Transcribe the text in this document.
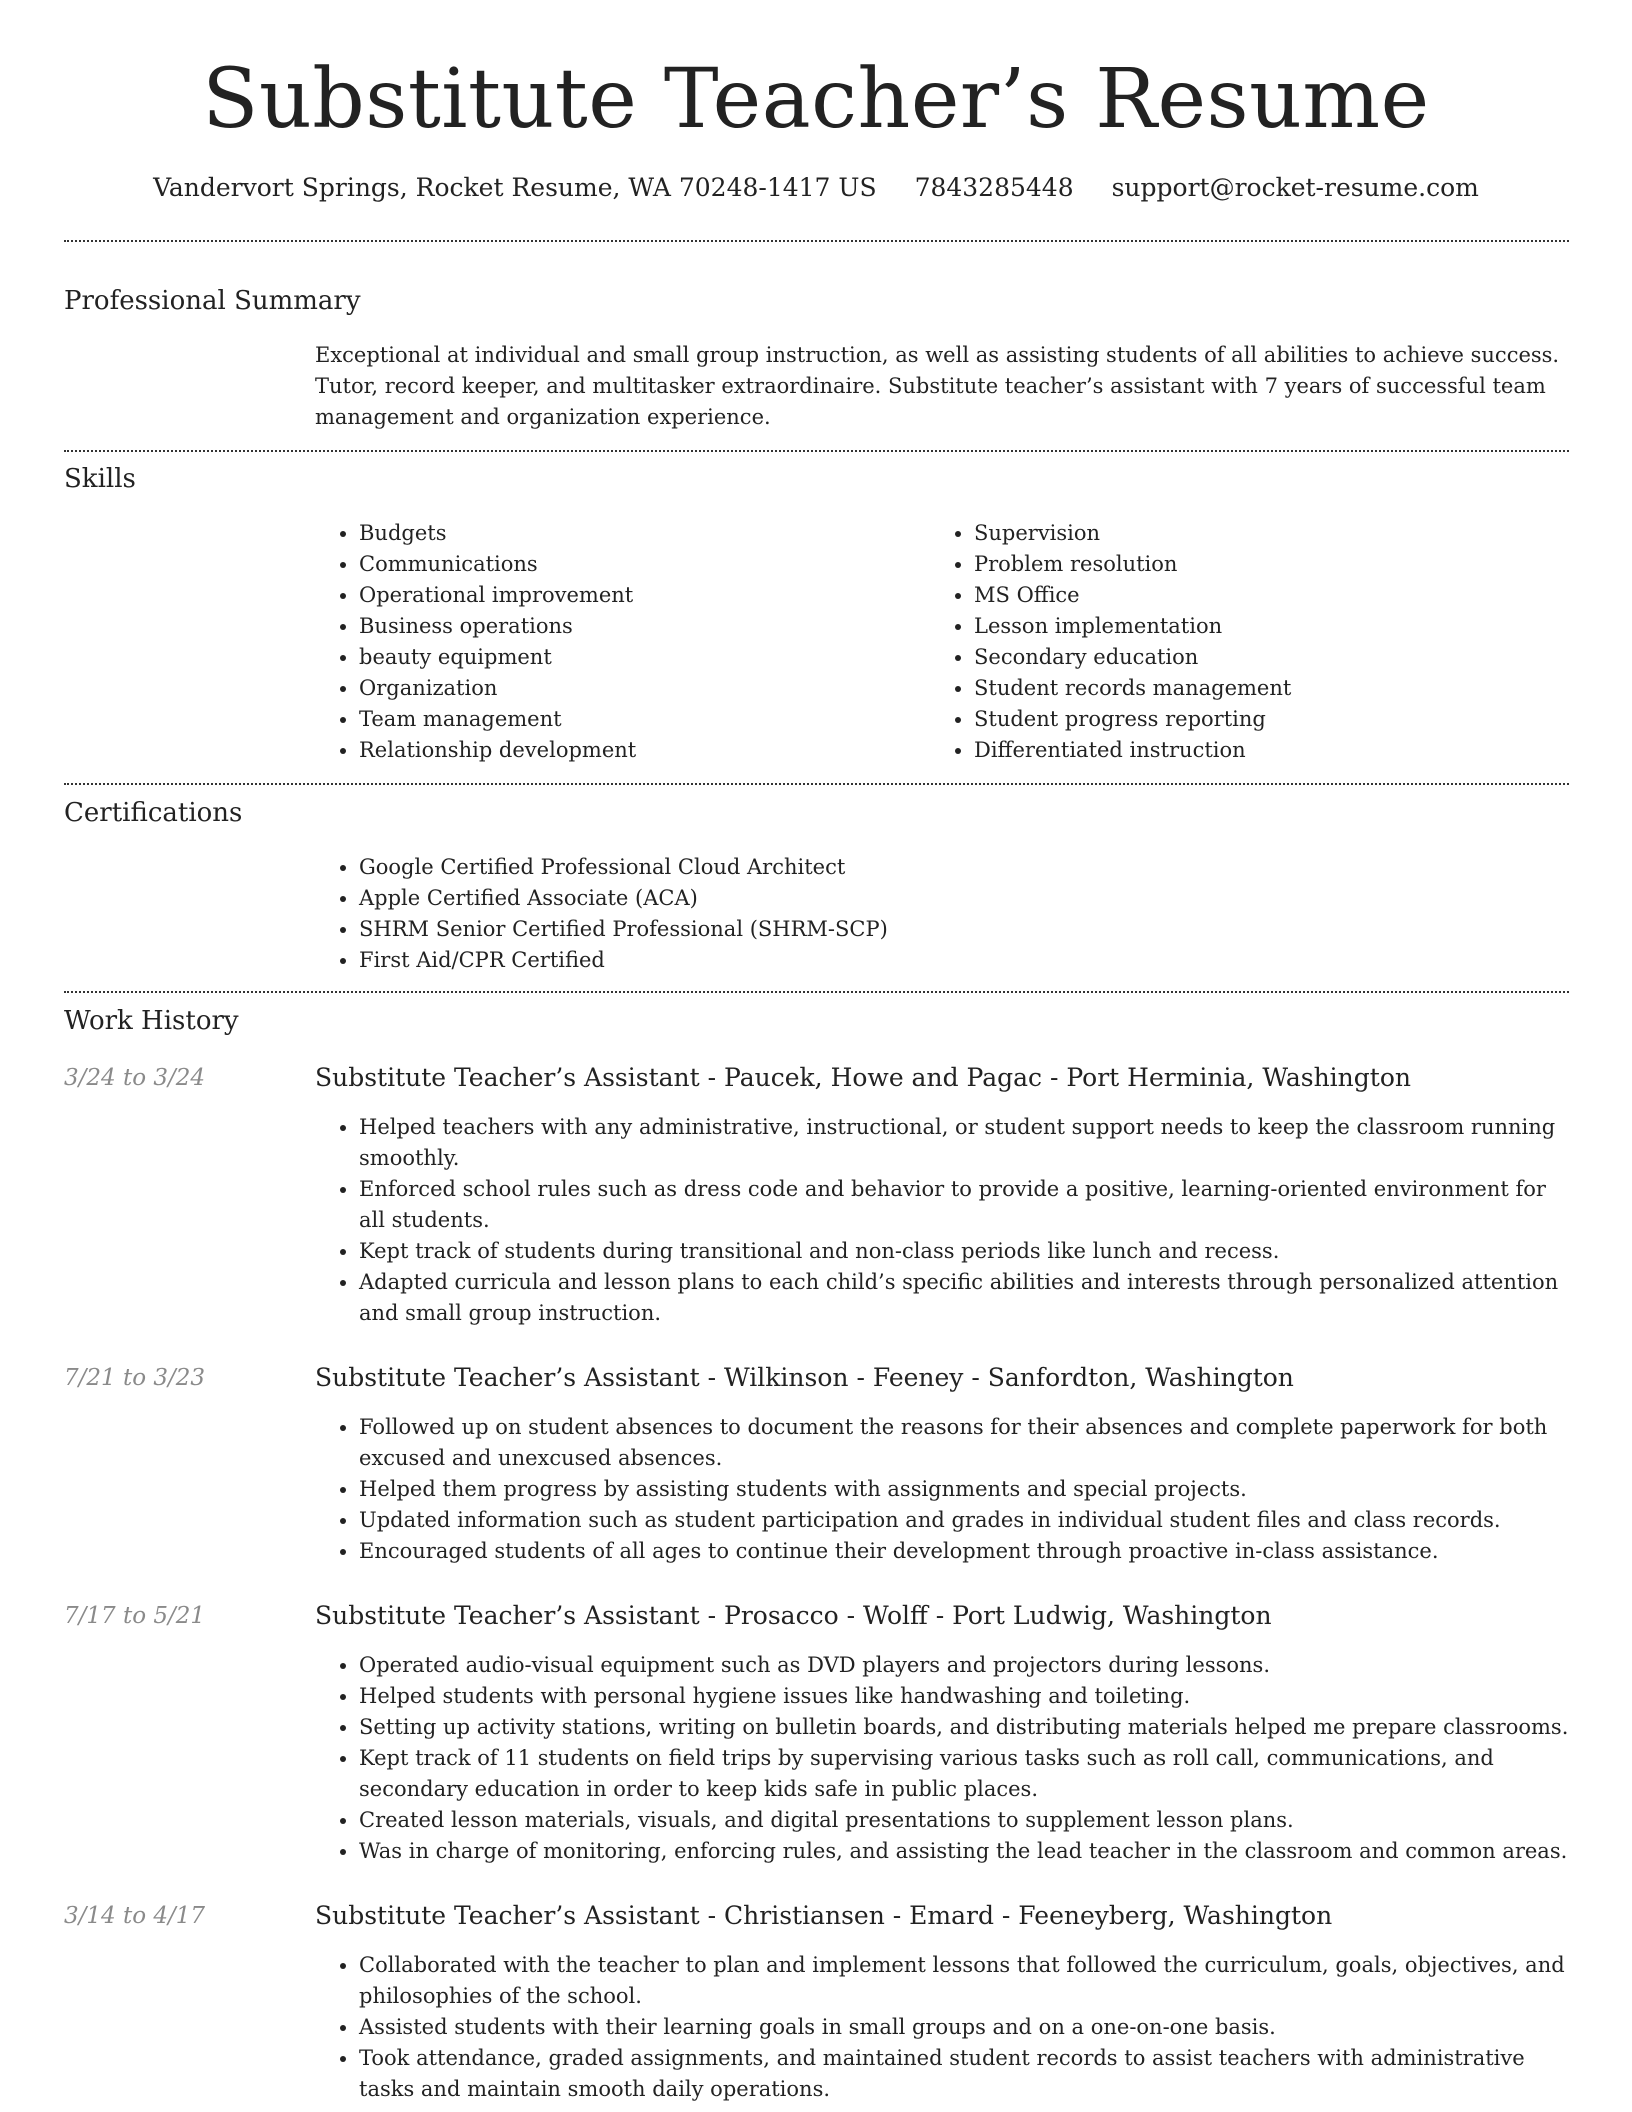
Substitute Teacher’s Resume
Vandervort Springs, Rocket Resume, WA 70248-1417 US 7843285448 support@rocket-resume.com
Professional Summary
Exceptional at individual and small group instruction, as well as assisting students of all abilities to achieve success. Tutor, record keeper, and multitasker extraordinaire. Substitute teacher’s assistant with 7 years of successful team management and organization experience.
Skills
• Budgets
• Communications
• Operational improvement
• Business operations
• beauty equipment
• Organization
• Team management
• Relationship development
• Supervision
• Problem resolution
• MS Office
• Lesson implementation
• Secondary education
• Student records management
• Student progress reporting
• Differentiated instruction
Certifications
• Google Certified Professional Cloud Architect
• Apple Certified Associate (ACA)
• SHRM Senior Certified Professional (SHRM-SCP)
• First Aid/CPR Certified
Work History
3/24 to 3/24	Substitute Teacher’s Assistant - Paucek, Howe and Pagac - Port Herminia, Washington
• Helped teachers with any administrative, instructional, or student support needs to keep the classroom running smoothly.
• Enforced school rules such as dress code and behavior to provide a positive, learning-oriented environment for all students.
• Kept track of students during transitional and non-class periods like lunch and recess.
• Adapted curricula and lesson plans to each child’s specific abilities and interests through personalized attention and small group instruction.
7/21 to 3/23	Substitute Teacher’s Assistant - Wilkinson - Feeney - Sanfordton, Washington
• Followed up on student absences to document the reasons for their absences and complete paperwork for both excused and unexcused absences.
• Helped them progress by assisting students with assignments and special projects.
• Updated information such as student participation and grades in individual student files and class records.
• Encouraged students of all ages to continue their development through proactive in-class assistance.
7/17 to 5/21	Substitute Teacher’s Assistant - Prosacco - Wolff - Port Ludwig, Washington
• Operated audio-visual equipment such as DVD players and projectors during lessons.
• Helped students with personal hygiene issues like handwashing and toileting.
• Setting up activity stations, writing on bulletin boards, and distributing materials helped me prepare classrooms.
• Kept track of 11 students on field trips by supervising various tasks such as roll call, communications, and secondary education in order to keep kids safe in public places.
• Created lesson materials, visuals, and digital presentations to supplement lesson plans.
• Was in charge of monitoring, enforcing rules, and assisting the lead teacher in the classroom and common areas.
3/14 to 4/17	Substitute Teacher’s Assistant - Christiansen - Emard - Feeneyberg, Washington
• Collaborated with the teacher to plan and implement lessons that followed the curriculum, goals, objectives, and philosophies of the school.
• Assisted students with their learning goals in small groups and on a one-on-one basis.
• Took attendance, graded assignments, and maintained student records to assist teachers with administrative tasks and maintain smooth daily operations.
